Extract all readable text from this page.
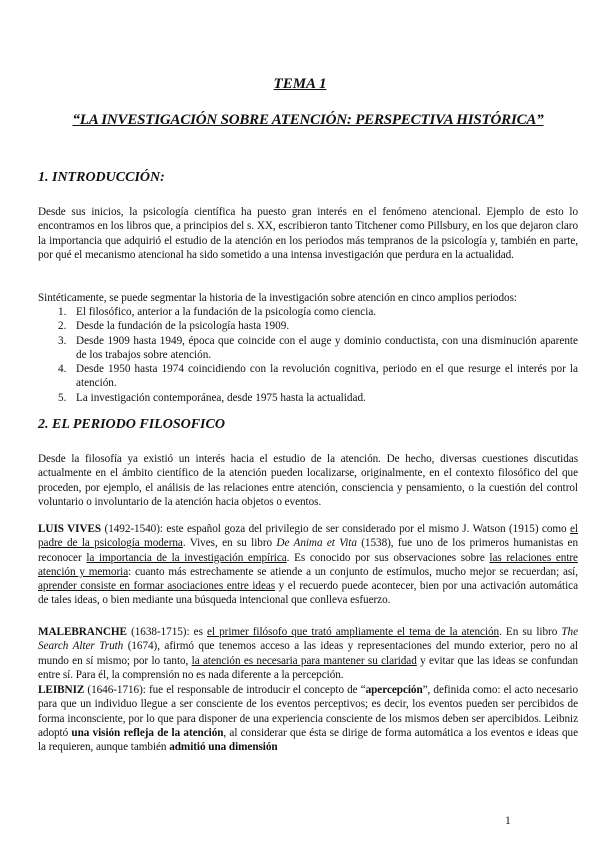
TEMA 1
“LA INVESTIGACIÓN SOBRE ATENCIÓN: PERSPECTIVA HISTÓRICA”
1. INTRODUCCIÓN:
Desde sus inicios, la psicología científica ha puesto gran interés en el fenómeno atencional. Ejemplo de esto lo encontramos en los libros que, a principios del s. XX, escribieron tanto Titchener como Pillsbury, en los que dejaron claro la importancia que adquirió el estudio de la atención en los periodos más tempranos de la psicología y, también en parte, por qué el mecanismo atencional ha sido sometido a una intensa investigación que perdura en la actualidad.
Sintéticamente, se puede segmentar la historia de la investigación sobre atención en cinco amplios periodos:
1. El filosófico, anterior a la fundación de la psicología como ciencia.
2. Desde la fundación de la psicología hasta 1909.
3. Desde 1909 hasta 1949, época que coincide con el auge y dominio conductista, con una disminución aparente de los trabajos sobre atención.
4. Desde 1950 hasta 1974 coincidiendo con la revolución cognitiva, periodo en el que resurge el interés por la atención.
5. La investigación contemporánea, desde 1975 hasta la actualidad.
2. EL PERIODO FILOSOFICO
Desde la filosofía ya existió un interés hacia el estudio de la atención. De hecho, diversas cuestiones discutidas actualmente en el ámbito científico de la atención pueden localizarse, originalmente, en el contexto filosófico del que proceden, por ejemplo, el análisis de las relaciones entre atención, consciencia y pensamiento, o la cuestión del control voluntario o involuntario de la atención hacia objetos o eventos.
LUIS VIVES (1492-1540): este español goza del privilegio de ser considerado por el mismo J. Watson (1915) como el padre de la psicología moderna. Vives, en su libro De Anima et Vita (1538), fue uno de los primeros humanistas en reconocer la importancia de la investigación empírica. Es conocido por sus observaciones sobre las relaciones entre atención y memoria: cuanto más estrechamente se atiende a un conjunto de estímulos, mucho mejor se recuerdan; así, aprender consiste en formar asociaciones entre ideas y el recuerdo puede acontecer, bien por una activación automática de tales ideas, o bien mediante una búsqueda intencional que conlleva esfuerzo.
MALEBRANCHE (1638-1715): es el primer filósofo que trató ampliamente el tema de la atención. En su libro The Search Alter Truth (1674), afirmó que tenemos acceso a las ideas y representaciones del mundo exterior, pero no al mundo en sí mismo; por lo tanto, la atención es necesaria para mantener su claridad y evitar que las ideas se confundan entre sí. Para él, la comprensión no es nada diferente a la percepción.
LEIBNIZ (1646-1716): fue el responsable de introducir el concepto de “apercepción”, definida como: el acto necesario para que un individuo llegue a ser consciente de los eventos perceptivos; es decir, los eventos pueden ser percibidos de forma inconsciente, por lo que para disponer de una experiencia consciente de los mismos deben ser apercibidos. Leibniz adoptó una visión refleja de la atención, al considerar que ésta se dirige de forma automática a los eventos e ideas que la requieren, aunque también admitió una dimensión
1
